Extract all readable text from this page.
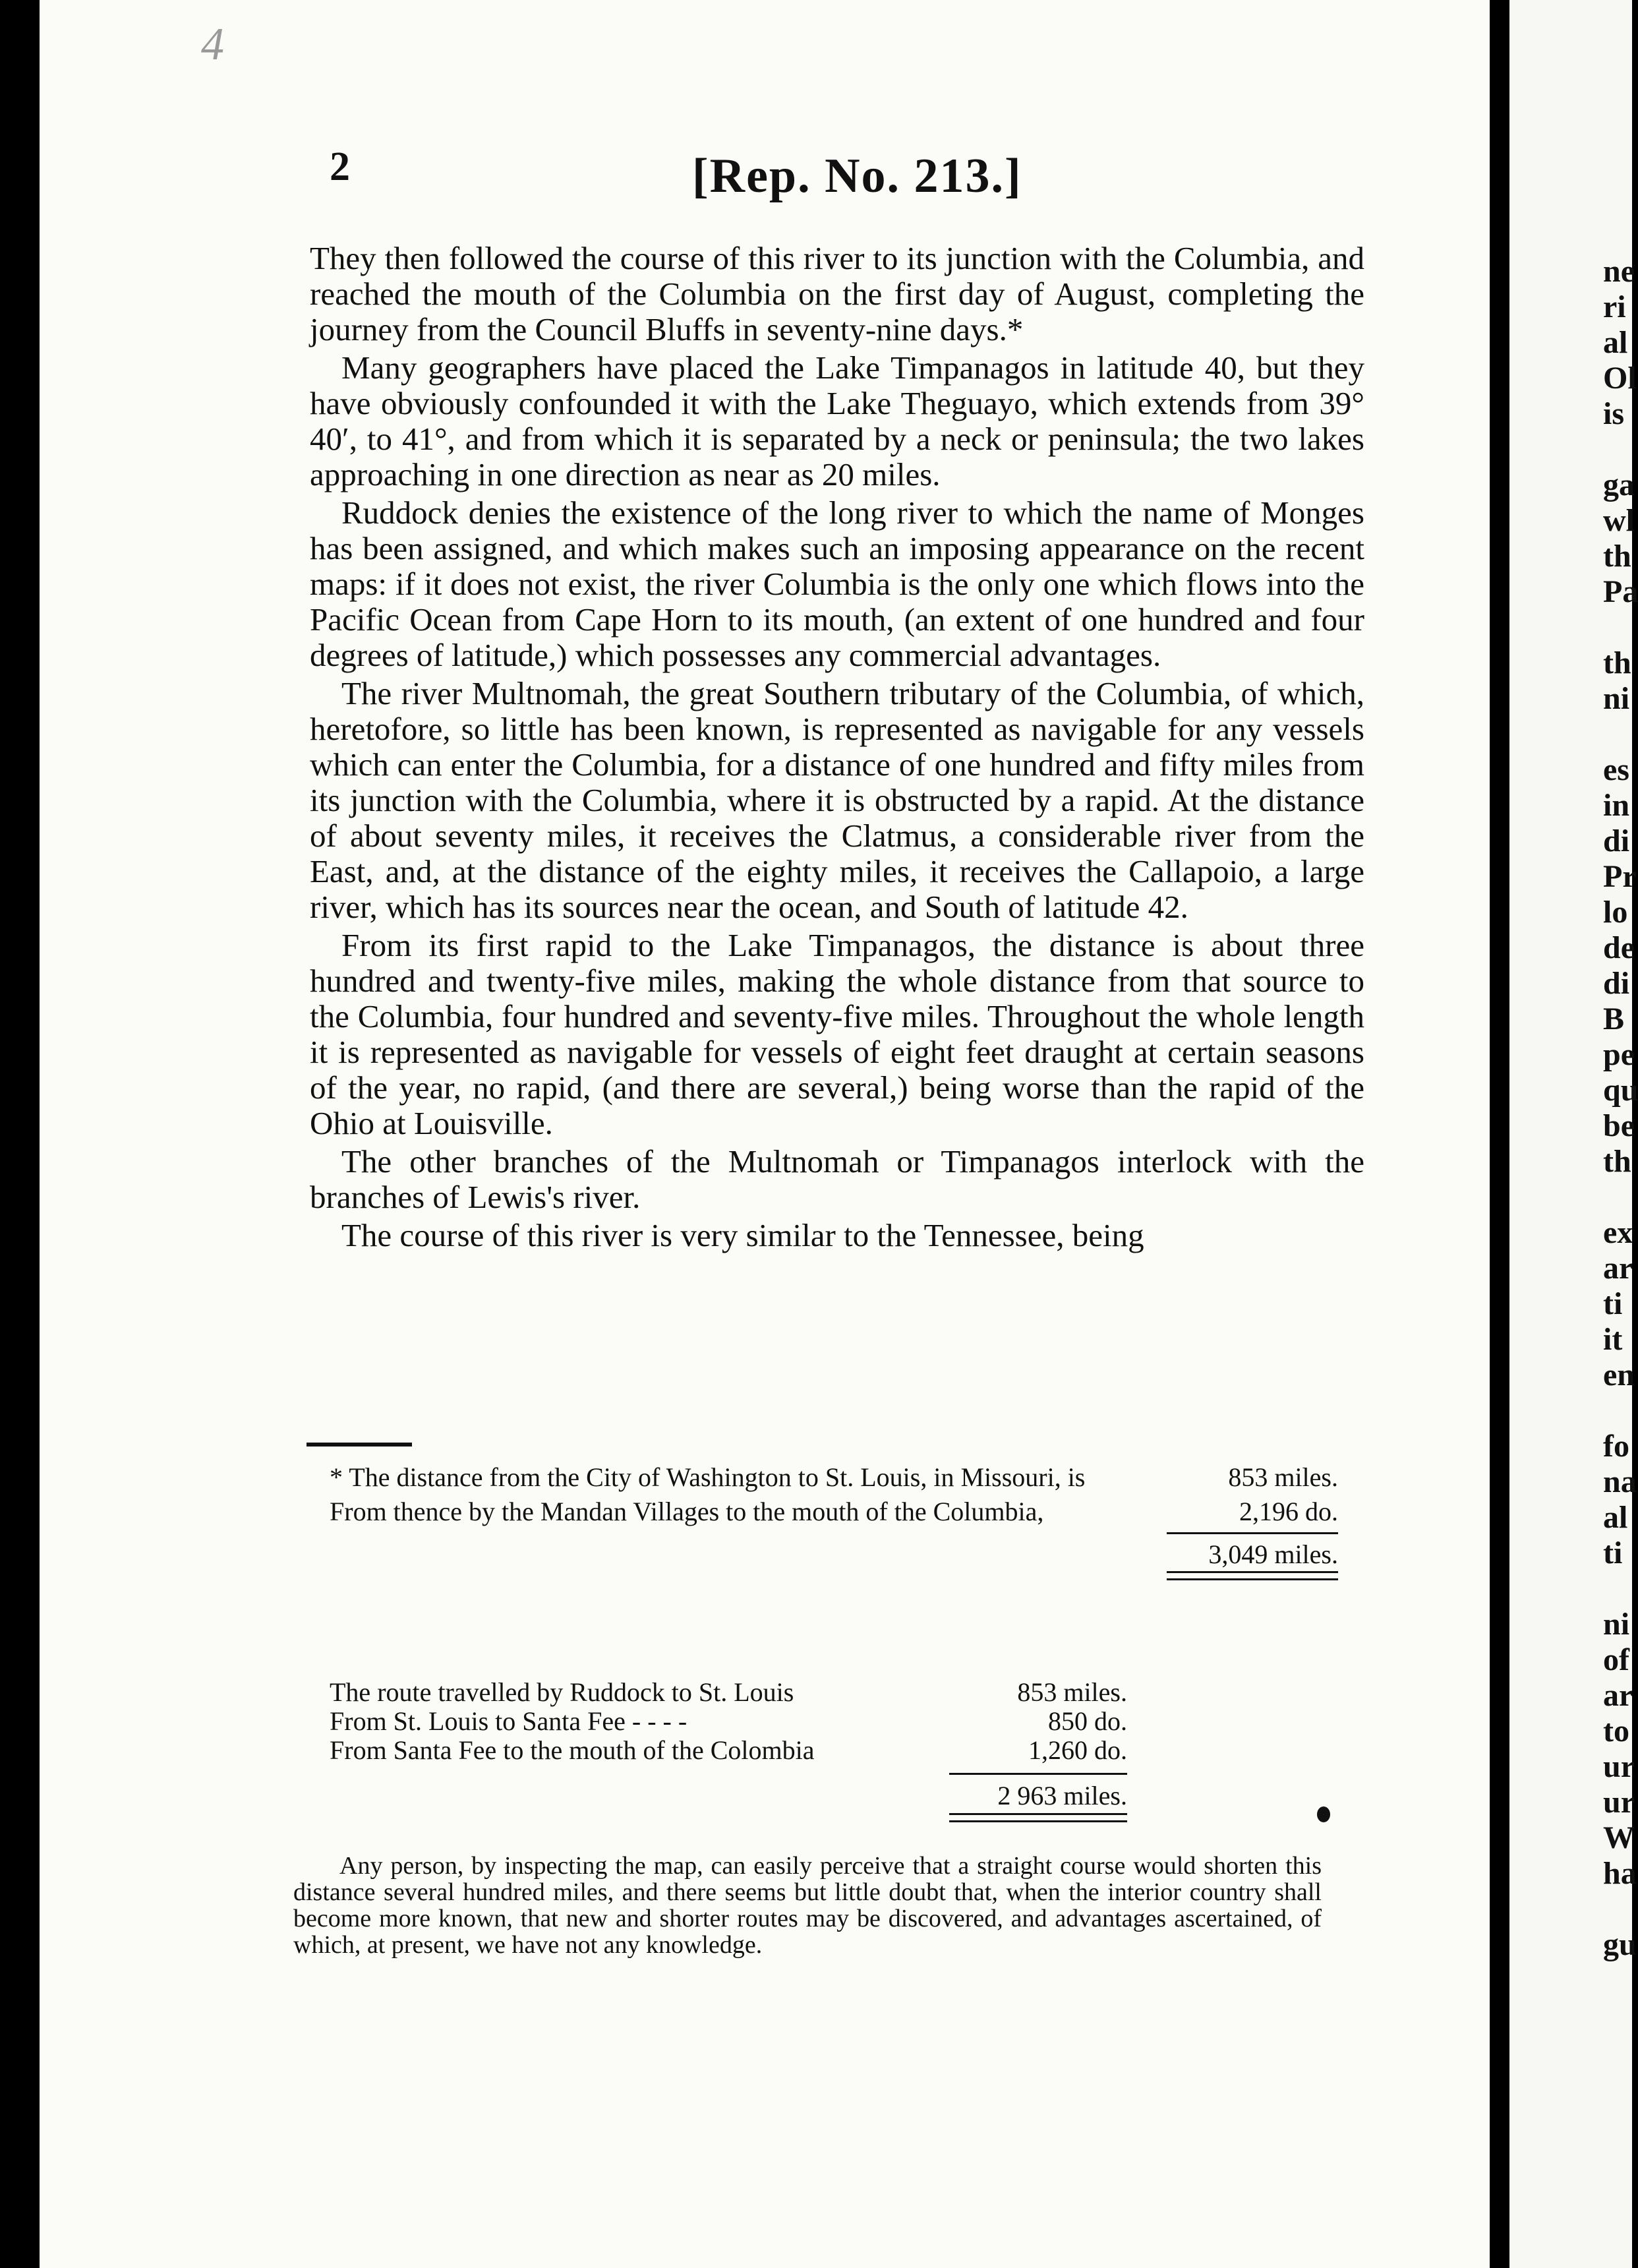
4
2	[Rep. No. 213.]

They then followed the course of this river to its junction with the Columbia, and reached the mouth of the Columbia on the first day of August, completing the journey from the Council Bluffs in seventy-nine days.*

Many geographers have placed the Lake Timpanagos in latitude 40, but they have obviously confounded it with the Lake Theguayo, which extends from 39° 40′, to 41°, and from which it is separated by a neck or peninsula; the two lakes approaching in one direction as near as 20 miles.

Ruddock denies the existence of the long river to which the name of Monges has been assigned, and which makes such an imposing appearance on the recent maps: if it does not exist, the river Columbia is the only one which flows into the Pacific Ocean from Cape Horn to its mouth, (an extent of one hundred and four degrees of latitude,) which possesses any commercial advantages.

The river Multnomah, the great Southern tributary of the Columbia, of which, heretofore, so little has been known, is represented as navigable for any vessels which can enter the Columbia, for a distance of one hundred and fifty miles from its junction with the Columbia, where it is obstructed by a rapid. At the distance of about seventy miles, it receives the Clatmus, a considerable river from the East, and, at the distance of the eighty miles, it receives the Callapoio, a large river, which has its sources near the ocean, and South of latitude 42.

From its first rapid to the Lake Timpanagos, the distance is about three hundred and twenty-five miles, making the whole distance from that source to the Columbia, four hundred and seventy-five miles. Throughout the whole length it is represented as navigable for vessels of eight feet draught at certain seasons of the year, no rapid, (and there are several,) being worse than the rapid of the Ohio at Louisville.

The other branches of the Multnomah or Timpanagos interlock with the branches of Lewis's river.

The course of this river is very similar to the Tennessee, being

* The distance from the City of Washington to St. Louis, in Missouri, is	853 miles.
From thence by the Mandan Villages to the mouth of the Columbia,	2,196 do.
3,049 miles.
The route travelled by Ruddock to St. Louis	853 miles.
From St. Louis to Santa Fee - - - -	850 do.
From Santa Fee to the mouth of the Colombia	1,260 do.
2 963 miles.

Any person, by inspecting the map, can easily perceive that a straight course would shorten this distance several hundred miles, and there seems but little doubt that, when the interior country shall become more known, that new and shorter routes may be discovered, and advantages ascertained, of which, at present, we have not any knowledge.

ne
ri
al
Ol
is
ga
wl
th
Pa
th
ni
es
in
di
Pr
lo
de
di
B
pe
qu
be
th
ex
ar
ti
it
en
fo
na
al
ti
ni
of
ar
to
ur
ur
W
ha
gu
